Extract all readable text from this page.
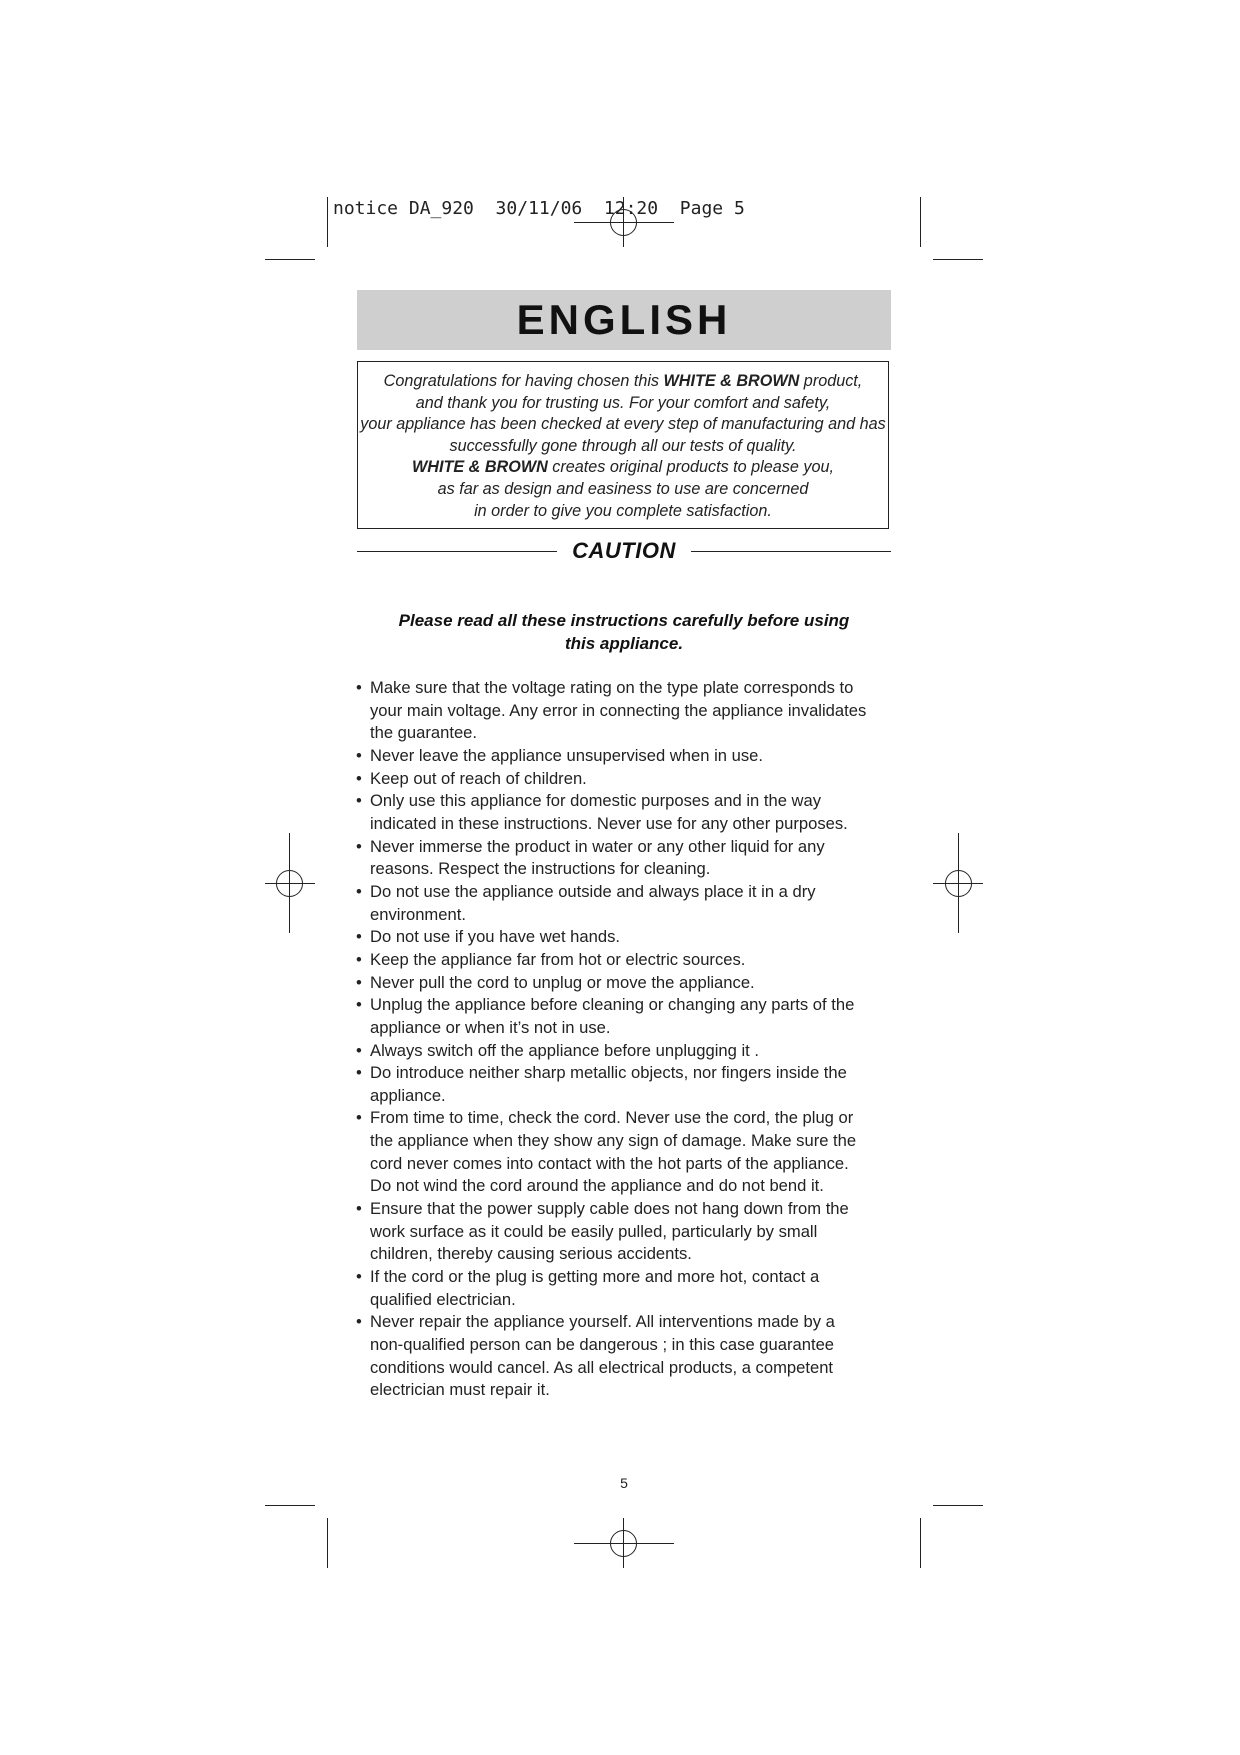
notice DA_920  30/11/06  12:20  Page 5
ENGLISH
Congratulations for having chosen this WHITE & BROWN product,
and thank you for trusting us. For your comfort and safety,
your appliance has been checked at every step of manufacturing and has
successfully gone through all our tests of quality.
WHITE & BROWN creates original products to please you,
as far as design and easiness to use are concerned
in order to give you complete satisfaction.
CAUTION
Please read all these instructions carefully before using
this appliance.
• Make sure that the voltage rating on the type plate corresponds to
your main voltage. Any error in connecting the appliance invalidates
the guarantee.
• Never leave the appliance unsupervised when in use.
• Keep out of reach of children.
• Only use this appliance for domestic purposes and in the way
indicated in these instructions. Never use for any other purposes.
• Never immerse the product in water or any other liquid for any
reasons. Respect the instructions for cleaning.
• Do not use the appliance outside and always place it in a dry
environment.
• Do not use if you have wet hands.
• Keep the appliance far from hot or electric sources.
• Never pull the cord to unplug or move the appliance.
• Unplug the appliance before cleaning or changing any parts of the
appliance or when it’s not in use.
• Always switch off the appliance before unplugging it .
• Do introduce neither sharp metallic objects, nor fingers inside the
appliance.
• From time to time, check the cord. Never use the cord, the plug or
the appliance when they show any sign of damage. Make sure the
cord never comes into contact with the hot parts of the appliance.
Do not wind the cord around the appliance and do not bend it.
• Ensure that the power supply cable does not hang down from the
work surface as it could be easily pulled, particularly by small
children, thereby causing serious accidents.
• If the cord or the plug is getting more and more hot, contact a
qualified electrician.
• Never repair the appliance yourself. All interventions made by a
non-qualified person can be dangerous ; in this case guarantee
conditions would cancel. As all electrical products, a competent
electrician must repair it.
5
